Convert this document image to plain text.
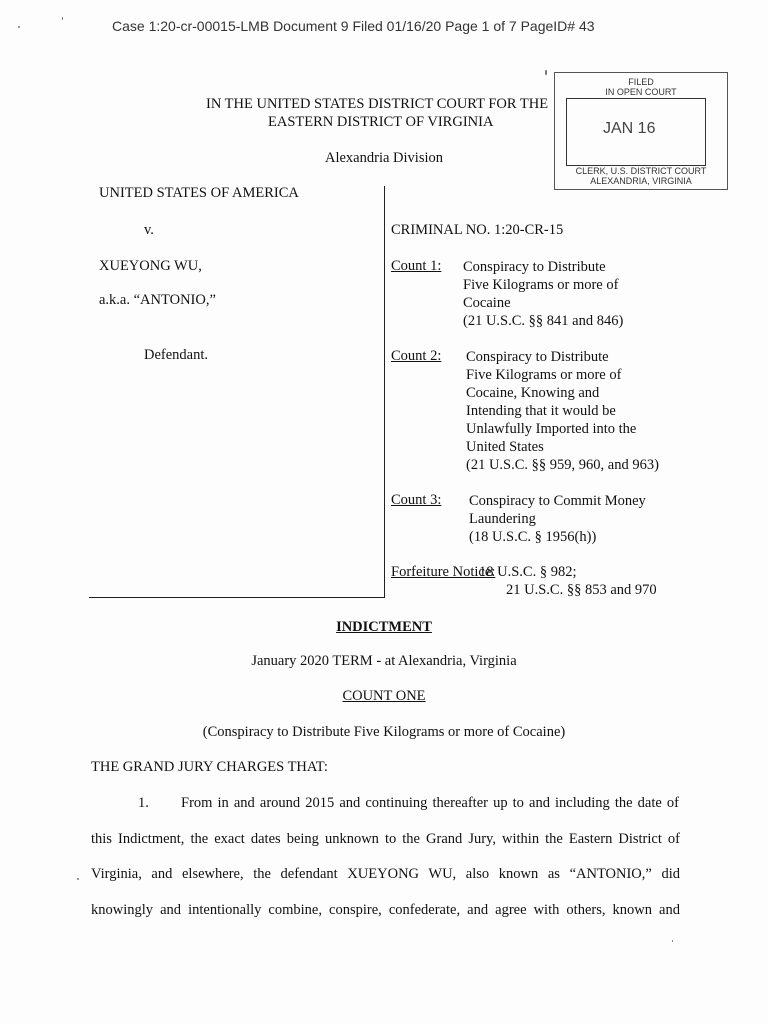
Case 1:20-cr-00015-LMB Document 9 Filed 01/16/20 Page 1 of 7 PageID# 43
IN THE UNITED STATES DISTRICT COURT FOR THE
EASTERN DISTRICT OF VIRGINIA
Alexandria Division
FILED
IN OPEN COURT
JAN 16
CLERK, U.S. DISTRICT COURT
ALEXANDRIA, VIRGINIA
UNITED STATES OF AMERICA
v.
XUEYONG WU,
a.k.a. “ANTONIO,”
Defendant.
CRIMINAL NO. 1:20-CR-15
Count 1: Conspiracy to Distribute
Five Kilograms or more of
Cocaine
(21 U.S.C. §§ 841 and 846)
Count 2: Conspiracy to Distribute
Five Kilograms or more of
Cocaine, Knowing and
Intending that it would be
Unlawfully Imported into the
United States
(21 U.S.C. §§ 959, 960, and 963)
Count 3: Conspiracy to Commit Money
Laundering
(18 U.S.C. § 1956(h))
Forfeiture Notice:
18 U.S.C. § 982;
21 U.S.C. §§ 853 and 970
INDICTMENT
January 2020 TERM - at Alexandria, Virginia
COUNT ONE
(Conspiracy to Distribute Five Kilograms or more of Cocaine)
THE GRAND JURY CHARGES THAT:
1. From in and around 2015 and continuing thereafter up to and including the date of
this Indictment, the exact dates being unknown to the Grand Jury, within the Eastern District of
Virginia, and elsewhere, the defendant XUEYONG WU, also known as “ANTONIO,” did
knowingly and intentionally combine, conspire, confederate, and agree with others, known and
